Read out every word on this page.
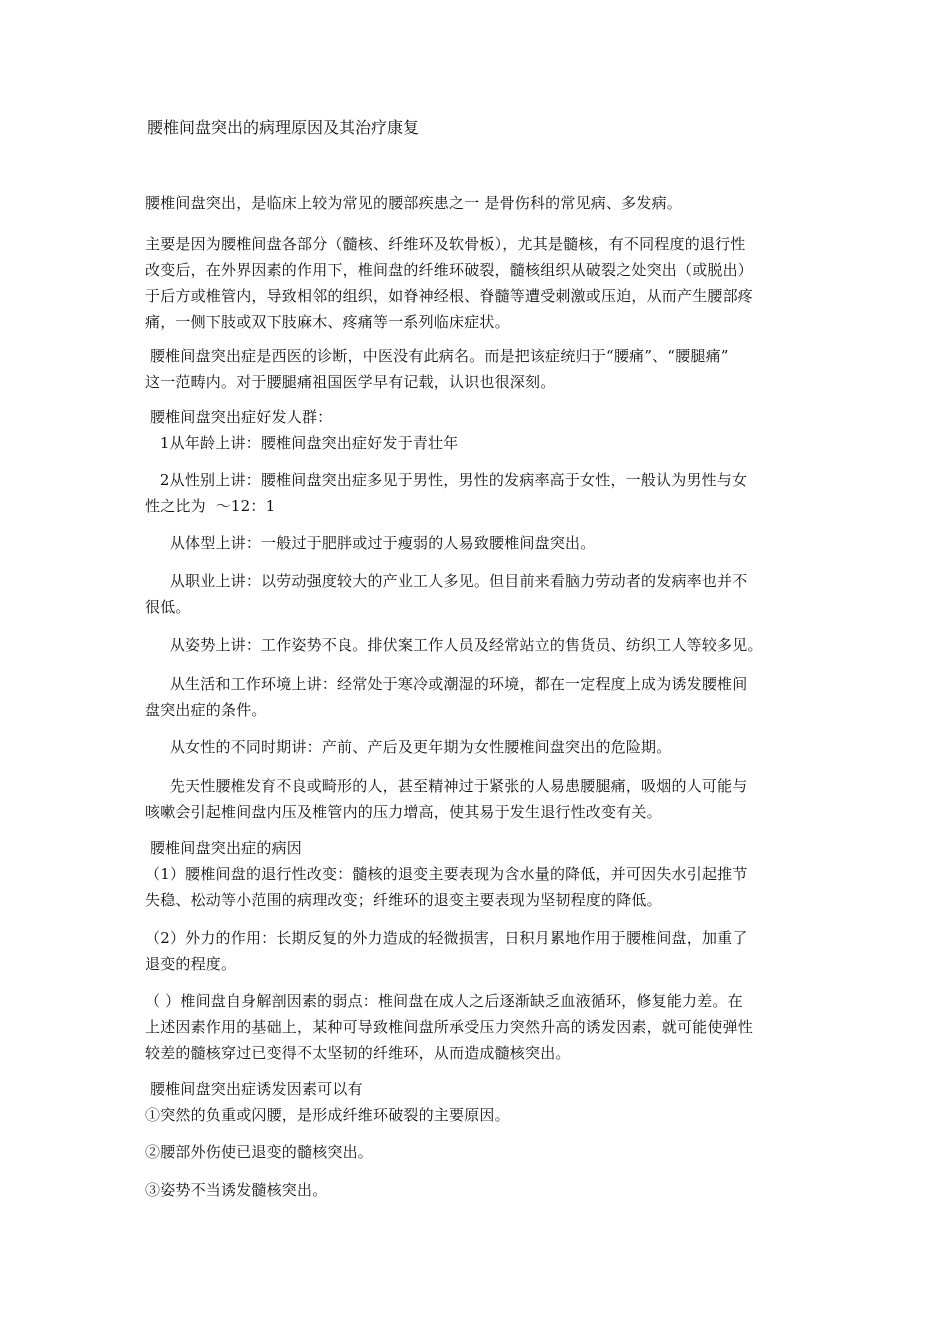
腰椎间盘突出的病理原因及其治疗康复
腰椎间盘突出，是临床上较为常见的腰部疾患之一 是骨伤科的常见病、多发病。
主要是因为腰椎间盘各部分（髓核、纤维环及软骨板），尤其是髓核，有不同程度的退行性
改变后，在外界因素的作用下，椎间盘的纤维环破裂，髓核组织从破裂之处突出（或脱出）
于后方或椎管内，导致相邻的组织，如脊神经根、脊髓等遭受刺激或压迫，从而产生腰部疼
痛，一侧下肢或双下肢麻木、疼痛等一系列临床症状。
腰椎间盘突出症是西医的诊断，中医没有此病名。而是把该症统归于“腰痛”、“腰腿痛”
这一范畴内。对于腰腿痛祖国医学早有记载，认识也很深刻。
腰椎间盘突出症好发人群：
1从年龄上讲：腰椎间盘突出症好发于青壮年
2从性别上讲：腰椎间盘突出症多见于男性，男性的发病率高于女性，一般认为男性与女
性之比为  ～12：1
从体型上讲：一般过于肥胖或过于瘦弱的人易致腰椎间盘突出。
从职业上讲：以劳动强度较大的产业工人多见。但目前来看脑力劳动者的发病率也并不
很低。
从姿势上讲：工作姿势不良。排伏案工作人员及经常站立的售货员、纺织工人等较多见。
从生活和工作环境上讲：经常处于寒冷或潮湿的环境，都在一定程度上成为诱发腰椎间
盘突出症的条件。
从女性的不同时期讲：产前、产后及更年期为女性腰椎间盘突出的危险期。
先天性腰椎发育不良或畸形的人，甚至精神过于紧张的人易患腰腿痛，吸烟的人可能与
咳嗽会引起椎间盘内压及椎管内的压力增高，使其易于发生退行性改变有关。
腰椎间盘突出症的病因
（1）腰椎间盘的退行性改变：髓核的退变主要表现为含水量的降低，并可因失水引起推节
失稳、松动等小范围的病理改变；纤维环的退变主要表现为坚韧程度的降低。
（2）外力的作用：长期反复的外力造成的轻微损害，日积月累地作用于腰椎间盘，加重了
退变的程度。
（ ）椎间盘自身解剖因素的弱点：椎间盘在成人之后逐渐缺乏血液循环，修复能力差。在
上述因素作用的基础上，某种可导致椎间盘所承受压力突然升高的诱发因素，就可能使弹性
较差的髓核穿过已变得不太坚韧的纤维环，从而造成髓核突出。
腰椎间盘突出症诱发因素可以有
①突然的负重或闪腰，是形成纤维环破裂的主要原因。
②腰部外伤使已退变的髓核突出。
③姿势不当诱发髓核突出。
